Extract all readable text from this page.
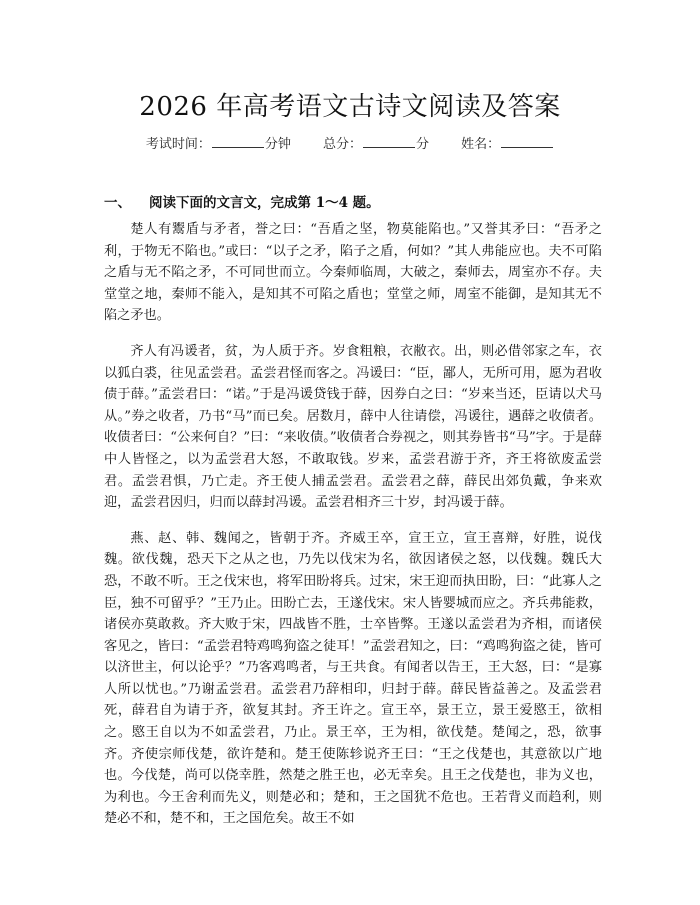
2026 年高考语文古诗文阅读及答案
考试时间：	分钟 总分：	分 姓名：
一、 阅读下面的文言文，完成第 1～4 题。

楚人有鬻盾与矛者，誉之曰：“吾盾之坚，物莫能陷也。”又誉其矛曰：“吾矛之利，于物无不陷也。”或曰：“以子之矛，陷子之盾，何如？”其人弗能应也。夫不可陷之盾与无不陷之矛，不可同世而立。今秦师临周，大破之，秦师去，周室亦不存。夫堂堂之地，秦师不能入，是知其不可陷之盾也；堂堂之师，周室不能御，是知其无不陷之矛也。

齐人有冯谖者，贫，为人质于齐。岁食粗粮，衣敝衣。出，则必借邻家之车，衣以狐白裘，往见孟尝君。孟尝君怪而客之。冯谖曰：“臣，鄙人，无所可用，愿为君收债于薛。”孟尝君曰：“诺。”于是冯谖贷钱于薛，因券白之曰：“岁来当还，臣请以犬马从。”券之收者，乃书“马”而已矣。居数月，薛中人往请偿，冯谖往，遇薛之收债者。收债者曰：“公来何自？”曰：“来收债。”收债者合券视之，则其券皆书“马”字。于是薛中人皆怪之，以为孟尝君大怒，不敢取钱。岁来，孟尝君游于齐，齐王将欲废孟尝君。孟尝君惧，乃亡走。齐王使人捕孟尝君。孟尝君之薛，薛民出郊负戴，争来欢迎，孟尝君因归，归而以薛封冯谖。孟尝君相齐三十岁，封冯谖于薛。

燕、赵、韩、魏闻之，皆朝于齐。齐威王卒，宣王立，宣王喜辩，好胜，说伐魏。欲伐魏，恐天下之从之也，乃先以伐宋为名，欲因诸侯之怒，以伐魏。魏氏大恐，不敢不听。王之伐宋也，将军田盼将兵。过宋，宋王迎而执田盼，曰：“此寡人之臣，独不可留乎？”王乃止。田盼亡去，王遂伐宋。宋人皆婴城而应之。齐兵弗能救，诸侯亦莫敢救。齐大败于宋，四战皆不胜，士卒皆弊。王遂以孟尝君为齐相，而诸侯客见之，皆曰：“孟尝君特鸡鸣狗盗之徒耳！”孟尝君知之，曰：“鸡鸣狗盗之徒，皆可以济世主，何以论乎？”乃客鸡鸣者，与王共食。有闻者以告王，王大怒，曰：“是寡人所以忧也。”乃谢孟尝君。孟尝君乃辞相印，归封于薛。薛民皆益善之。及孟尝君死，薛君自为请于齐，欲复其封。齐王许之。宣王卒，景王立，景王爱愍王，欲相之。愍王自以为不如孟尝君，乃止。景王卒，王为相，欲伐楚。楚闻之，恐，欲事齐。齐使宗师伐楚，欲许楚和。楚王使陈轸说齐王曰：“王之伐楚也，其意欲以广地也。今伐楚，尚可以侥幸胜，然楚之胜王也，必无幸矣。且王之伐楚也，非为义也，为利也。今王舍利而先义，则楚必和；楚和，王之国犹不危也。王若背义而趋利，则楚必不和，楚不和，王之国危矣。故王不如
